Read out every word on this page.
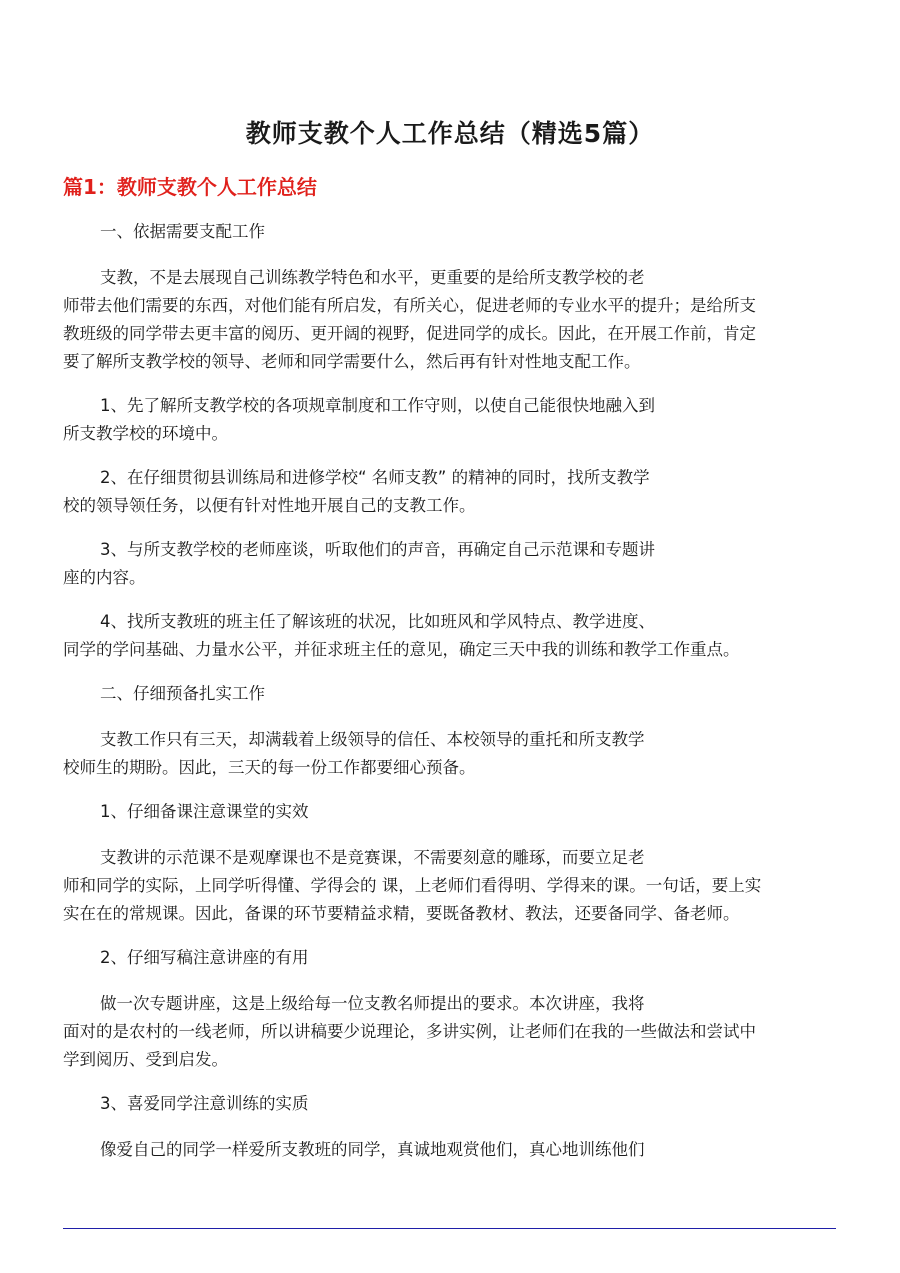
教师支教个人工作总结（精选5篇）
篇1：教师支教个人工作总结
一、依据需要支配工作
支教，不是去展现自己训练教学特色和水平，更重要的是给所支教学校的老
师带去他们需要的东西，对他们能有所启发，有所关心，促进老师的专业水平的提升；是给所支
教班级的同学带去更丰富的阅历、更开阔的视野，促进同学的成长。因此，在开展工作前，肯定
要了解所支教学校的领导、老师和同学需要什么，然后再有针对性地支配工作。
1、先了解所支教学校的各项规章制度和工作守则，以使自己能很快地融入到
所支教学校的环境中。
2、在仔细贯彻县训练局和进修学校“ 名师支教” 的精神的同时，找所支教学
校的领导领任务，以便有针对性地开展自己的支教工作。
3、与所支教学校的老师座谈，听取他们的声音，再确定自己示范课和专题讲
座的内容。
4、找所支教班的班主任了解该班的状况，比如班风和学风特点、教学进度、
同学的学问基础、力量水公平，并征求班主任的意见，确定三天中我的训练和教学工作重点。
二、仔细预备扎实工作
支教工作只有三天，却满载着上级领导的信任、本校领导的重托和所支教学
校师生的期盼。因此，三天的每一份工作都要细心预备。
1、仔细备课注意课堂的实效
支教讲的示范课不是观摩课也不是竞赛课，不需要刻意的雕琢，而要立足老
师和同学的实际，上同学听得懂、学得会的 课，上老师们看得明、学得来的课。一句话，要上实
实在在的常规课。因此，备课的环节要精益求精，要既备教材、教法，还要备同学、备老师。
2、仔细写稿注意讲座的有用
做一次专题讲座，这是上级给每一位支教名师提出的要求。本次讲座，我将
面对的是农村的一线老师，所以讲稿要少说理论，多讲实例，让老师们在我的一些做法和尝试中
学到阅历、受到启发。
3、喜爱同学注意训练的实质
像爱自己的同学一样爱所支教班的同学，真诚地观赏他们，真心地训练他们
